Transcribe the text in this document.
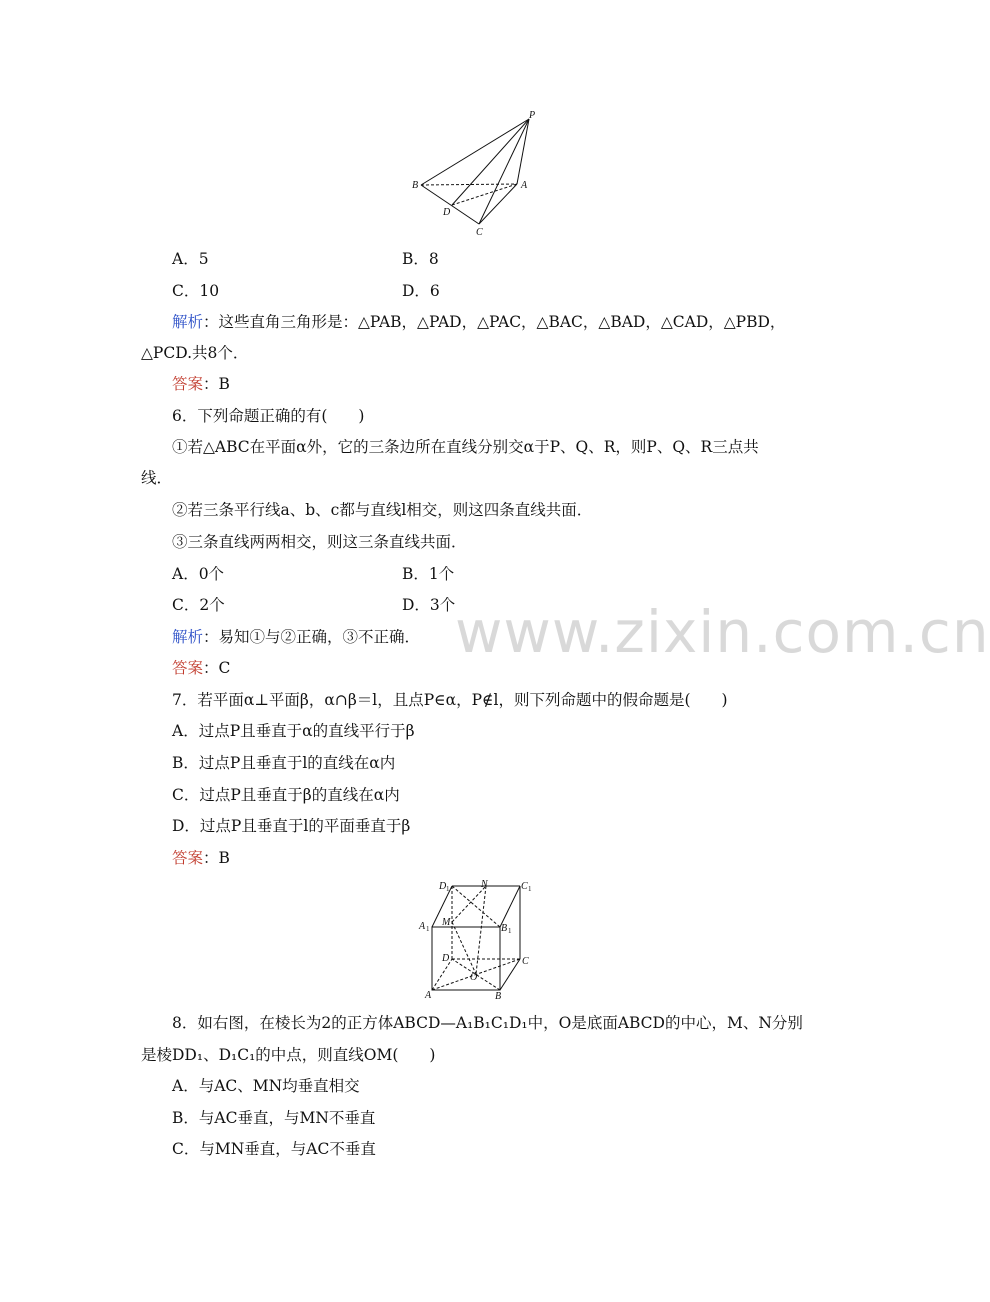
P
B	A
D
C
A．5	B．8
C．10	D．6
解析：这些直角三角形是：△PAB，△PAD，△PAC，△BAC，△BAD，△CAD，△PBD，
△PCD.共8个．
答案：B
6．下列命题正确的有(　　)
①若△ABC在平面α外，它的三条边所在直线分别交α于P、Q、R，则P、Q、R三点共
线．
②若三条平行线a、b、c都与直线l相交，则这四条直线共面．
③三条直线两两相交，则这三条直线共面．
A．0个	B．1个
C．2个	D．3个
解析：易知①与②正确，③不正确．
答案：C
www.zixin.com.cn
7．若平面α⊥平面β，α∩β＝l，且点P∈α，P∉l，则下列命题中的假命题是(　　)
A．过点P且垂直于α的直线平行于β
B．过点P且垂直于l的直线在α内
C．过点P且垂直于β的直线在α内
D．过点P且垂直于l的平面垂直于β
答案：B
D 1	N	C 1
A 1
M
B 1
D	C
O
A	B
8．如右图，在棱长为2的正方体ABCD—A₁B₁C₁D₁中，O是底面ABCD的中心，M、N分别
是棱DD₁、D₁C₁的中点，则直线OM(　　)
A．与AC、MN均垂直相交
B．与AC垂直，与MN不垂直
C．与MN垂直，与AC不垂直
